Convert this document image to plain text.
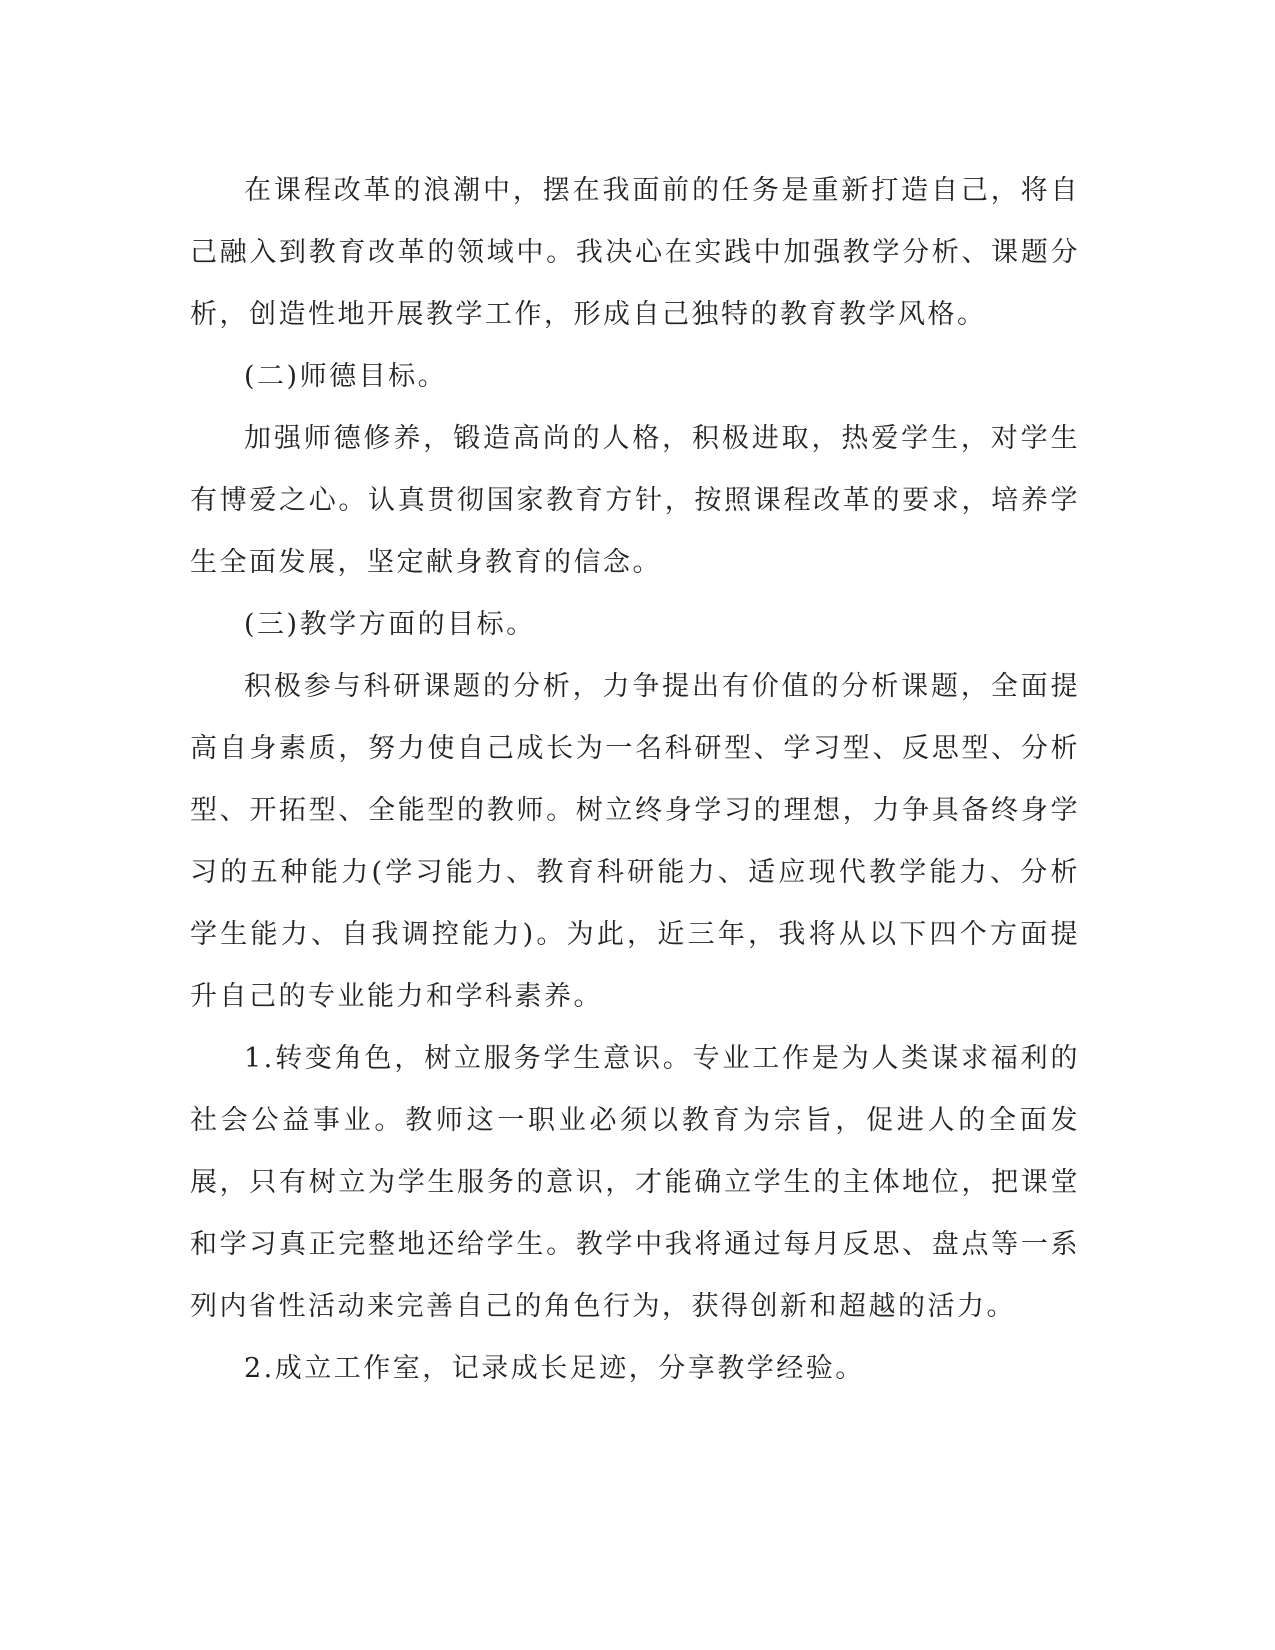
在课程改革的浪潮中，摆在我面前的任务是重新打造自己，将自己融入到教育改革的领域中。我决心在实践中加强教学分析、课题分析，创造性地开展教学工作，形成自己独特的教育教学风格。

(二)师德目标。

加强师德修养，锻造高尚的人格，积极进取，热爱学生，对学生有博爱之心。认真贯彻国家教育方针，按照课程改革的要求，培养学生全面发展，坚定献身教育的信念。

(三)教学方面的目标。

积极参与科研课题的分析，力争提出有价值的分析课题，全面提高自身素质，努力使自己成长为一名科研型、学习型、反思型、分析型、开拓型、全能型的教师。树立终身学习的理想，力争具备终身学习的五种能力(学习能力、教育科研能力、适应现代教学能力、分析学生能力、自我调控能力)。为此，近三年，我将从以下四个方面提升自己的专业能力和学科素养。

1.转变角色，树立服务学生意识。专业工作是为人类谋求福利的社会公益事业。教师这一职业必须以教育为宗旨，促进人的全面发展，只有树立为学生服务的意识，才能确立学生的主体地位，把课堂和学习真正完整地还给学生。教学中我将通过每月反思、盘点等一系列内省性活动来完善自己的角色行为，获得创新和超越的活力。

2.成立工作室，记录成长足迹，分享教学经验。
